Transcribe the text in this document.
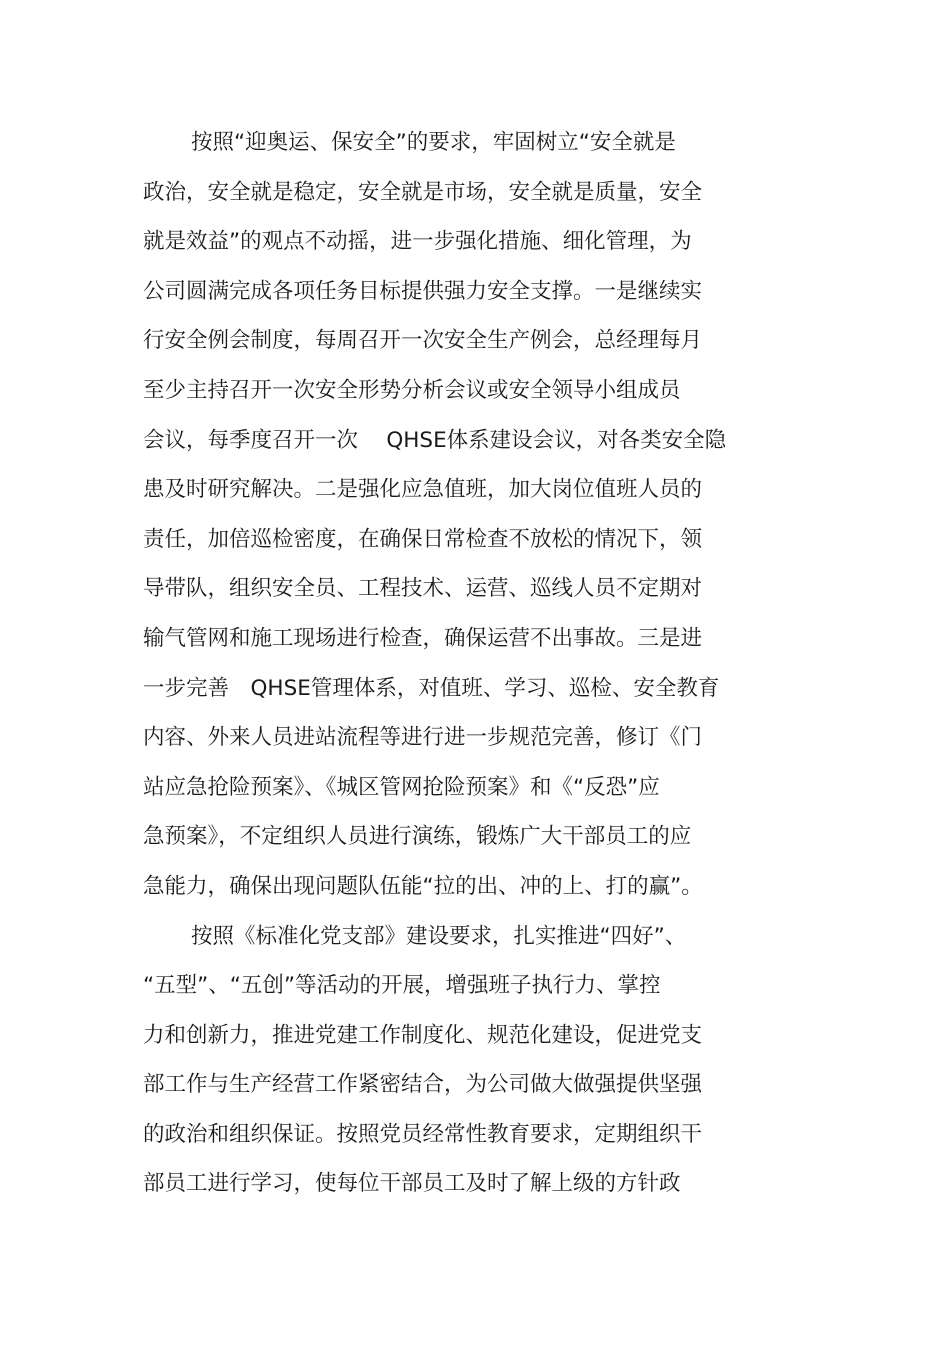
按照“迎奥运、保安全”的要求，牢固树立“安全就是
政治，安全就是稳定，安全就是市场，安全就是质量，安全
就是效益”的观点不动摇，进一步强化措施、细化管理，为
公司圆满完成各项任务目标提供强力安全支撑。一是继续实
行安全例会制度，每周召开一次安全生产例会，总经理每月
至少主持召开一次安全形势分析会议或安全领导小组成员
会议，每季度召开一次　 QHSE体系建设会议，对各类安全隐
患及时研究解决。二是强化应急值班，加大岗位值班人员的
责任，加倍巡检密度，在确保日常检查不放松的情况下，领
导带队，组织安全员、工程技术、运营、巡线人员不定期对
输气管网和施工现场进行检查，确保运营不出事故。三是进
一步完善　QHSE管理体系，对值班、学习、巡检、安全教育
内容、外来人员进站流程等进行进一步规范完善，修订《门
站应急抢险预案》、《城区管网抢险预案》和《“反恐”应
急预案》，不定组织人员进行演练，锻炼广大干部员工的应
急能力，确保出现问题队伍能“拉的出、冲的上、打的赢”。
按照《标准化党支部》建设要求，扎实推进“四好”、
“五型”、“五创”等活动的开展，增强班子执行力、掌控
力和创新力，推进党建工作制度化、规范化建设，促进党支
部工作与生产经营工作紧密结合，为公司做大做强提供坚强
的政治和组织保证。按照党员经常性教育要求，定期组织干
部员工进行学习，使每位干部员工及时了解上级的方针政
